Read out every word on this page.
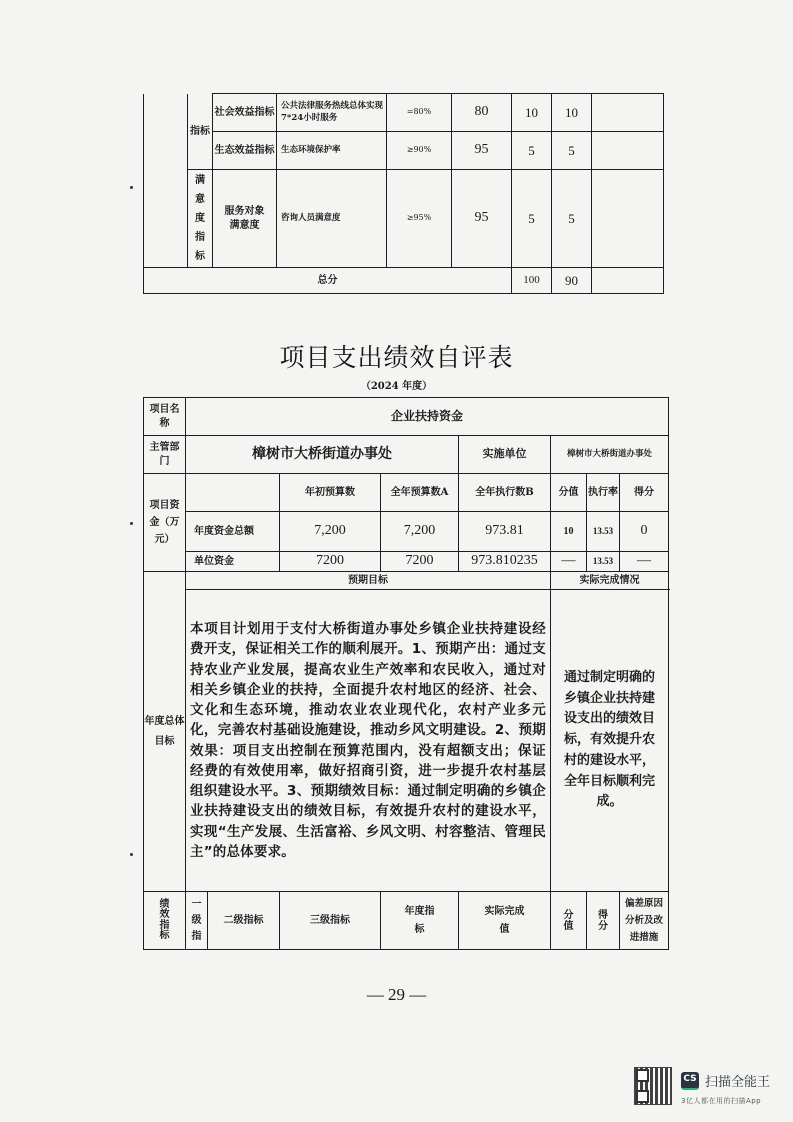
	指标	社会效益指标	公共法律服务热线总体实现7*24小时服务	=80%	80	10	10	
		生态效益指标	生态环境保护率	≥90%	95	5	5	
	满意度指标	服务对象满意度	咨询人员满意度	≥95%	95	5	5	
总分						100	90	
项目支出绩效自评表
（2024 年度）
项目名称	企业扶持资金							
主管部门	樟树市大桥街道办事处				实施单位	樟树市大桥街道办事处		
项目资金（万元）			年初预算数	全年预算数A	全年执行数B	分值	执行率	得分
	年度资金总额		7,200	7,200	973.81	10	13.53	0
	单位资金		7200	7200	973.810235	—	13.53	—
年度总体目标	预期目标					实际完成情况		
	本项目计划用于支付大桥街道办事处乡镇企业扶持建设经费开支，保证相关工作的顺利展开。1、预期产出：通过支持农业产业发展，提高农业生产效率和农民收入，通过对相关乡镇企业的扶持，全面提升农村地区的经济、社会、文化和生态环境，推动农业农业现代化，农村产业多元化，完善农村基础设施建设，推动乡风文明建设。2、预期效果：项目支出控制在预算范围内，没有超额支出；保证经费的有效使用率，做好招商引资，进一步提升农村基层组织建设水平。3、预期绩效目标：通过制定明确的乡镇企业扶持建设支出的绩效目标，有效提升农村的建设水平，实现“生产发展、生活富裕、乡风文明、村容整洁、管理民主”的总体要求。					通过制定明确的乡镇企业扶持建设支出的绩效目标，有效提升农村的建设水平，全年目标顺利完成。		
绩效指标	一级指	二级指标	三级指标	年度指标	实际完成值	分值	得分	偏差原因分析及改进措施
— 29 —
CS 扫描全能王
3亿人都在用的扫描App
